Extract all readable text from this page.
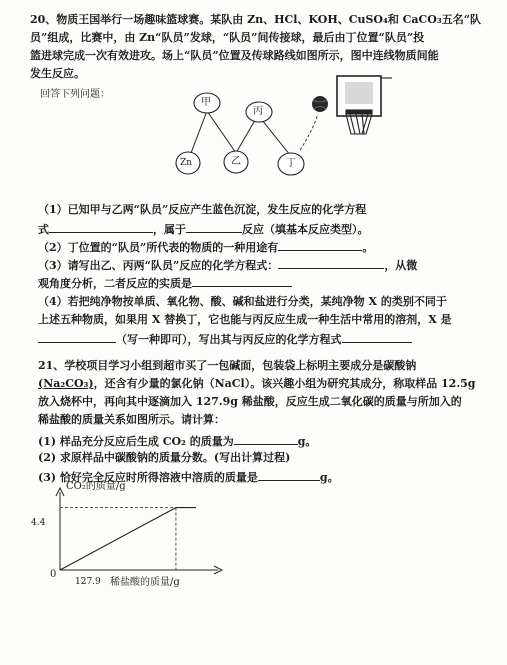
20、物质王国举行一场趣味篮球赛。某队由 Zn、HCl、KOH、CuSO₄和 CaCO₃五名“队
员”组成，比赛中，由 Zn“队员”发球，“队员”间传接球，最后由丁位置“队员”投
篮进球完成一次有效进攻。场上“队员”位置及传球路线如图所示，图中连线物质间能
发生反应。
回答下列问题：
甲
丙
Zn	乙	丁
（1）已知甲与乙两“队员”反应产生蓝色沉淀，发生反应的化学方程
式	，属于	反应（填基本反应类型）。
（2）丁位置的“队员”所代表的物质的一种用途有	。
（3）请写出乙、丙两“队员”反应的化学方程式：	，从微
观角度分析，二者反应的实质是
（4）若把纯净物按单质、氧化物、酸、碱和盐进行分类，某纯净物 X 的类别不同于
上述五种物质，如果用 X 替换丁，它也能与丙反应生成一种生活中常用的溶剂，X 是
（写一种即可），写出其与丙反应的化学方程式
21、学校项目学习小组到超市买了一包碱面，包装袋上标明主要成分是碳酸钠
(Na₂CO₃)，还含有少量的氯化钠（NaCl）。该兴趣小组为研究其成分，称取样品 12.5g
放入烧杯中，再向其中逐滴加入 127.9g 稀盐酸，反应生成二氧化碳的质量与所加入的
稀盐酸的质量关系如图所示。请计算：
(1) 样品充分反应后生成 CO₂ 的质量为	g。
(2) 求原样品中碳酸钠的质量分数。(写出计算过程)
(3) 恰好完全反应时所得溶液中溶质的质量是	g。
CO₂的质量/g
稀盐酸的质量/g
0
4.4
127.9
